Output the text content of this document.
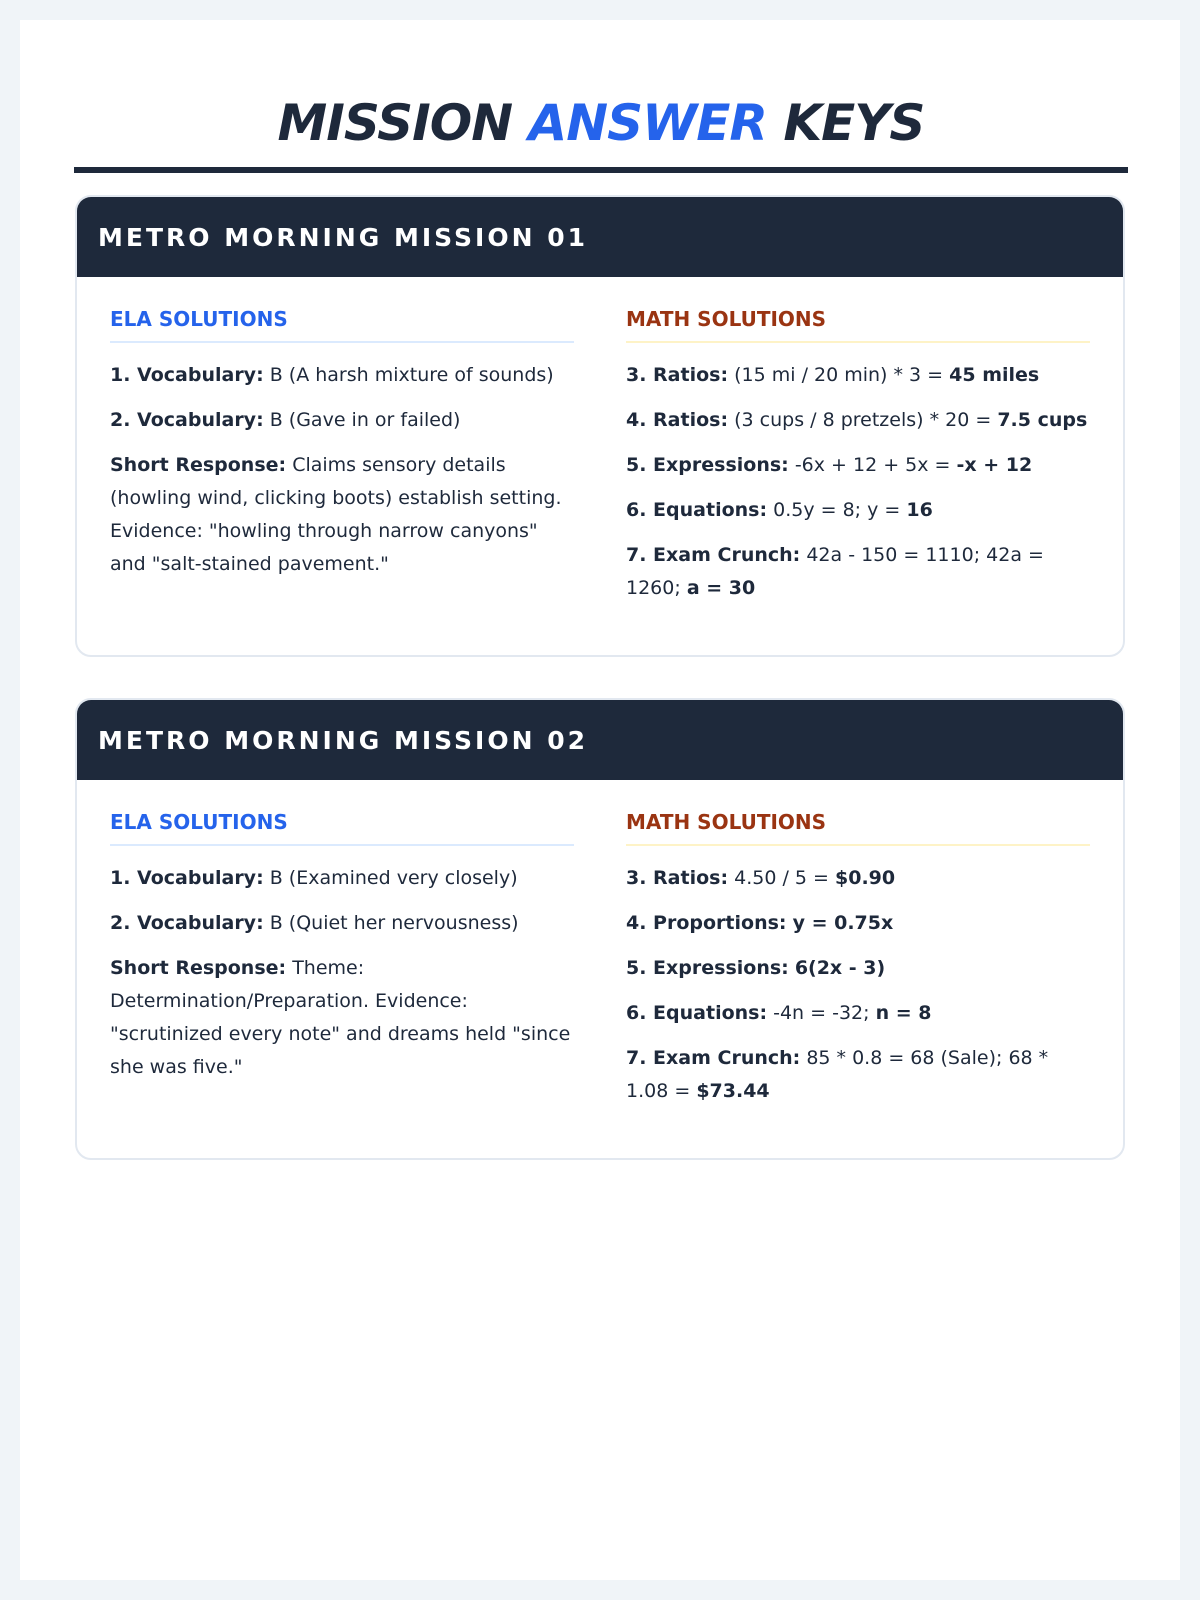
MISSION ANSWER KEYS
METRO MORNING MISSION 01
ELA SOLUTIONS
1. Vocabulary: B (A harsh mixture of sounds)
2. Vocabulary: B (Gave in or failed)
Short Response: Claims sensory details (howling wind, clicking boots) establish setting. Evidence: "howling through narrow canyons" and "salt-stained pavement."
MATH SOLUTIONS
3. Ratios: (15 mi / 20 min) * 3 = 45 miles
4. Ratios: (3 cups / 8 pretzels) * 20 = 7.5 cups
5. Expressions: -6x + 12 + 5x = -x + 12
6. Equations: 0.5y = 8; y = 16
7. Exam Crunch: 42a - 150 = 1110; 42a = 1260; a = 30
METRO MORNING MISSION 02
ELA SOLUTIONS
1. Vocabulary: B (Examined very closely)
2. Vocabulary: B (Quiet her nervousness)
Short Response: Theme: Determination/Preparation. Evidence: "scrutinized every note" and dreams held "since she was five."
MATH SOLUTIONS
3. Ratios: 4.50 / 5 = $0.90
4. Proportions: y = 0.75x
5. Expressions: 6(2x - 3)
6. Equations: -4n = -32; n = 8
7. Exam Crunch: 85 * 0.8 = 68 (Sale); 68 * 1.08 = $73.44
